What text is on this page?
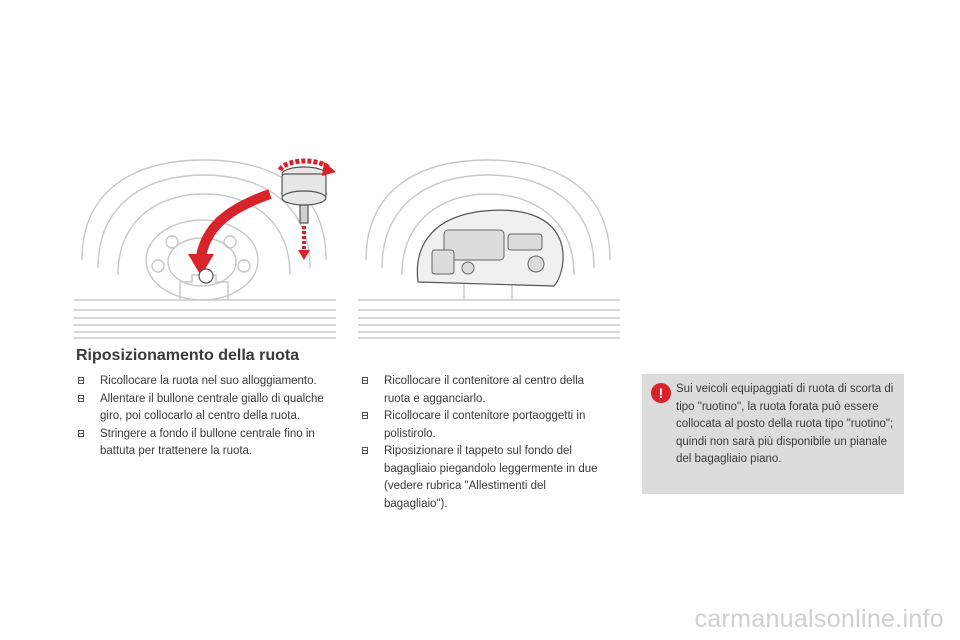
Riposizionamento della ruota

Ricollocare la ruota nel suo alloggiamento.

Allentare il bullone centrale giallo di qualche giro, poi collocarlo al centro della ruota.

Stringere a fondo il bullone centrale fino in battuta per trattenere la ruota.

Ricollocare il contenitore al centro della ruota e agganciarlo.

Ricollocare il contenitore portaoggetti in polistirolo.

Riposizionare il tappeto sul fondo del bagagliaio piegandolo leggermente in due (vedere rubrica "Allestimenti del bagagliaio").

!	Sui veicoli equipaggiati di ruota di scorta di tipo "ruotino", la ruota forata può essere collocata al posto della ruota tipo "ruotino"; quindi non sarà più disponibile un pianale del bagagliaio piano.
carmanualsonline.info
